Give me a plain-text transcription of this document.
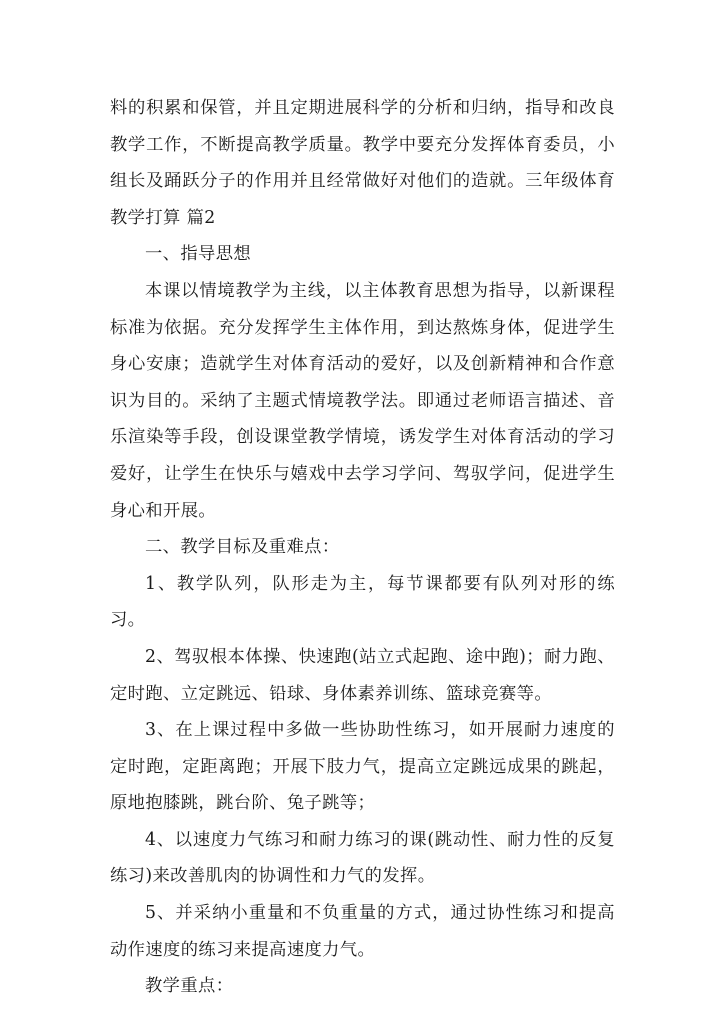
料的积累和保管，并且定期进展科学的分析和归纳，指导和改良教学工作，不断提高教学质量。教学中要充分发挥体育委员，小组长及踊跃分子的作用并且经常做好对他们的造就。三年级体育教学打算 篇2

一、指导思想

本课以情境教学为主线，以主体教育思想为指导，以新课程标准为依据。充分发挥学生主体作用，到达熬炼身体，促进学生身心安康；造就学生对体育活动的爱好，以及创新精神和合作意识为目的。采纳了主题式情境教学法。即通过老师语言描述、音乐渲染等手段，创设课堂教学情境，诱发学生对体育活动的学习爱好，让学生在快乐与嬉戏中去学习学问、驾驭学问，促进学生身心和开展。

二、教学目标及重难点：

1、教学队列，队形走为主，每节课都要有队列对形的练习。

2、驾驭根本体操、快速跑(站立式起跑、途中跑)；耐力跑、定时跑、立定跳远、铅球、身体素养训练、篮球竞赛等。

3、在上课过程中多做一些协助性练习，如开展耐力速度的定时跑，定距离跑；开展下肢力气，提高立定跳远成果的跳起，原地抱膝跳，跳台阶、兔子跳等；

4、以速度力气练习和耐力练习的课(跳动性、耐力性的反复练习)来改善肌肉的协调性和力气的发挥。

5、并采纳小重量和不负重量的方式，通过协性练习和提高动作速度的练习来提高速度力气。

教学重点：
